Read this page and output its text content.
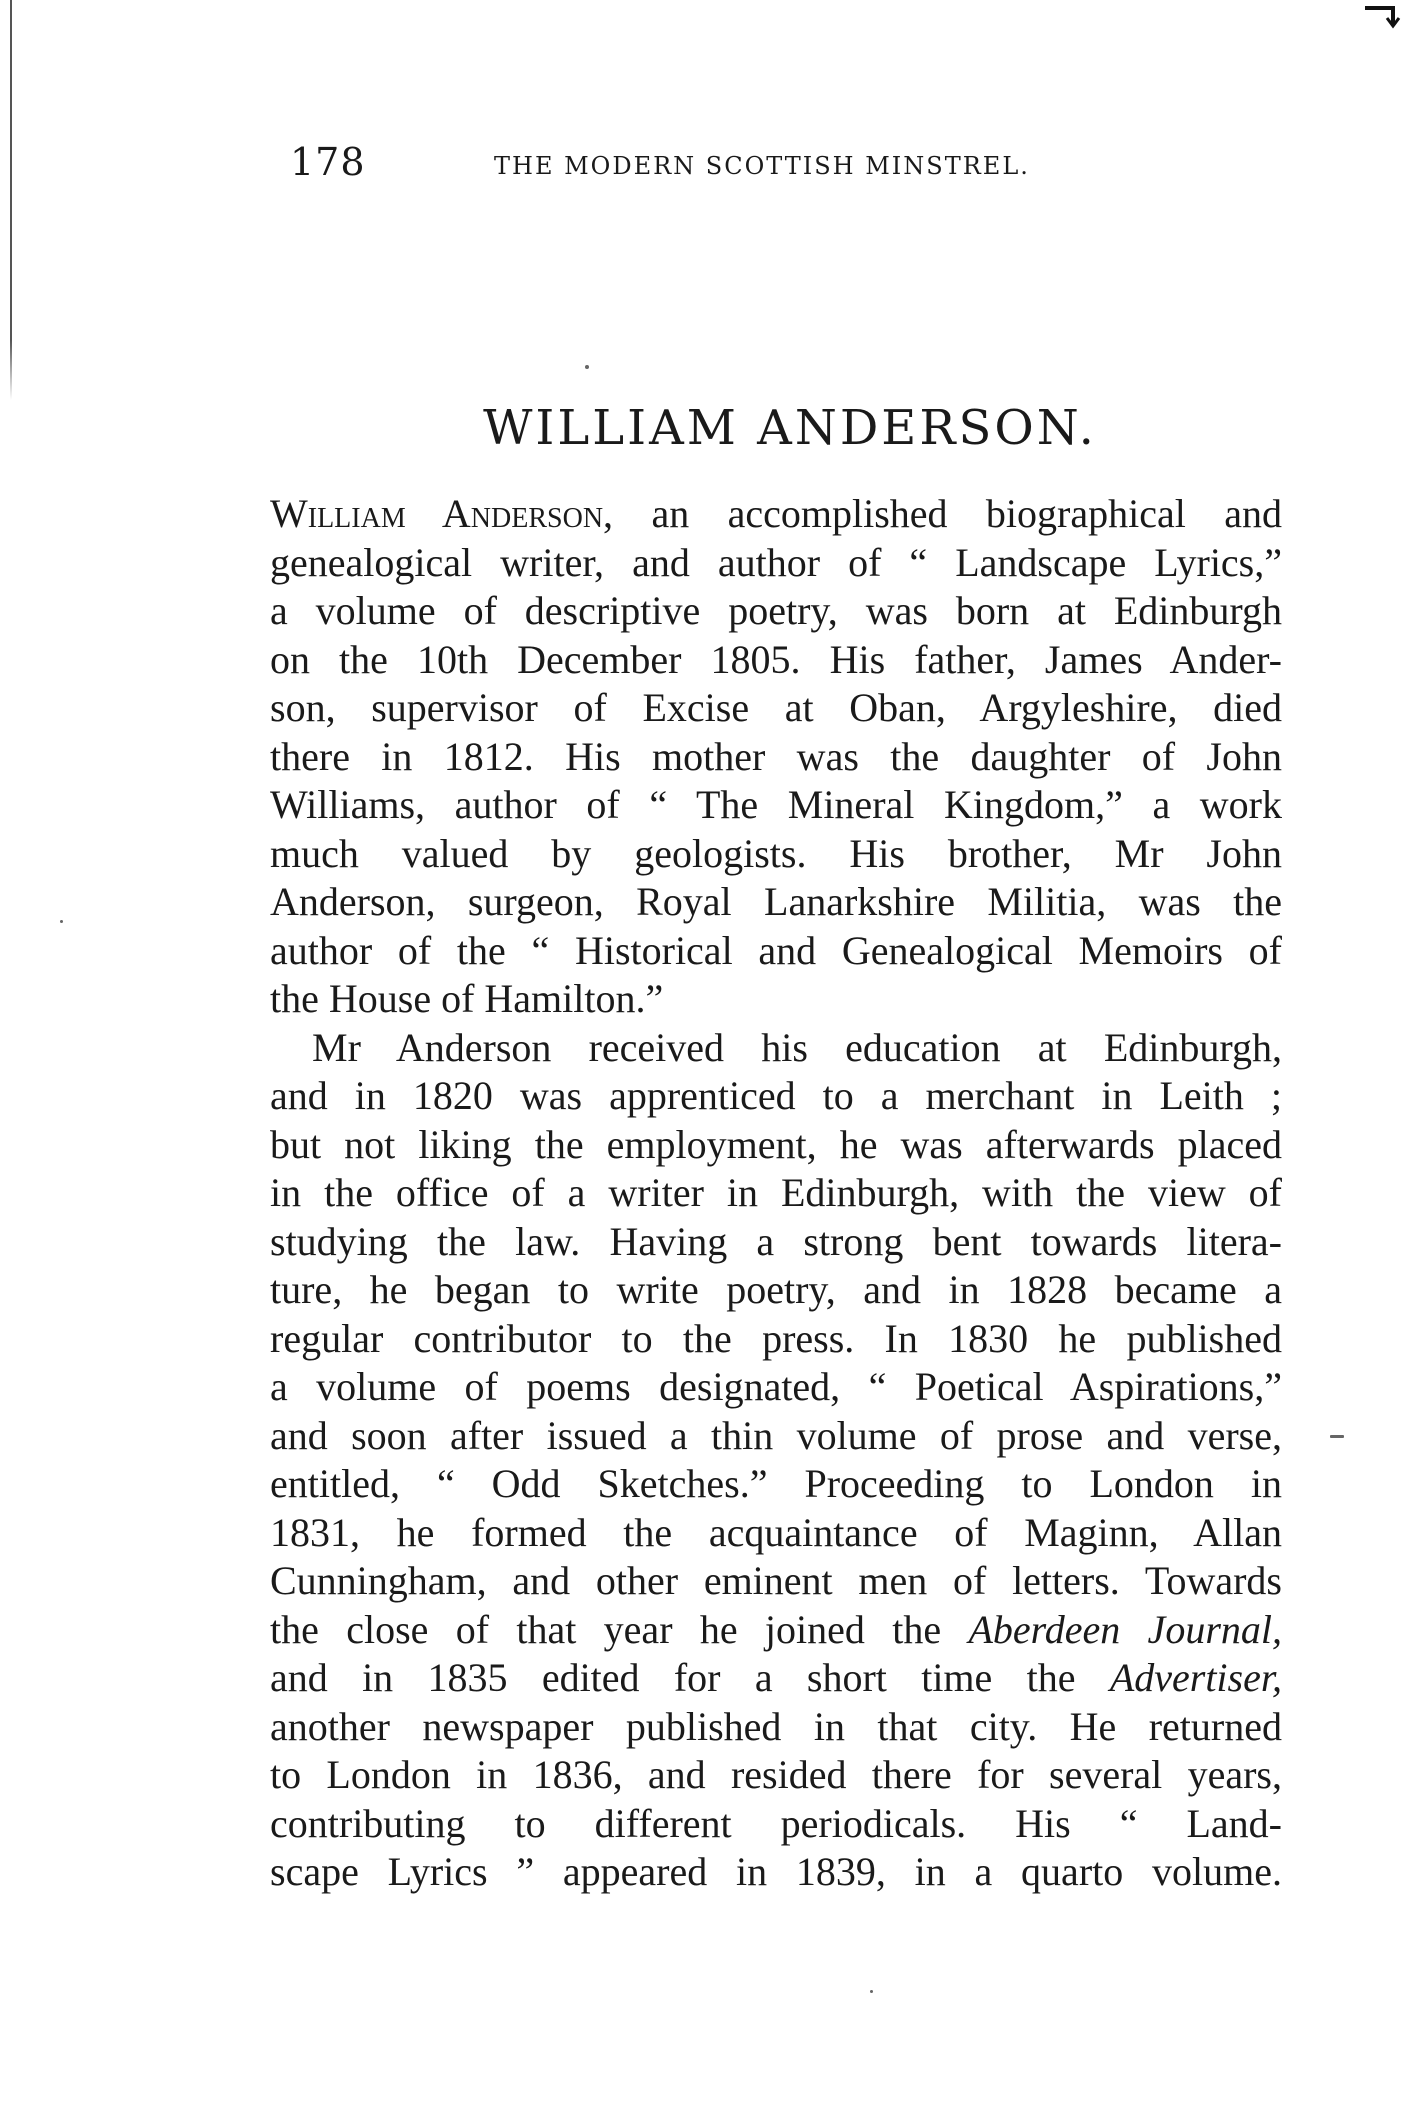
178	THE MODERN SCOTTISH MINSTREL.
WILLIAM ANDERSON.

William Anderson, an accomplished biographical and

genealogical writer, and author of “ Landscape Lyrics,”

a volume of descriptive poetry, was born at Edinburgh

on the 10th December 1805. His father, James Ander-

son, supervisor of Excise at Oban, Argyleshire, died

there in 1812. His mother was the daughter of John

Williams, author of “ The Mineral Kingdom,” a work

much valued by geologists. His brother, Mr John

Anderson, surgeon, Royal Lanarkshire Militia, was the

author of the “ Historical and Genealogical Memoirs of

the House of Hamilton.”

Mr Anderson received his education at Edinburgh,

and in 1820 was apprenticed to a merchant in Leith ;

but not liking the employment, he was afterwards placed

in the office of a writer in Edinburgh, with the view of

studying the law. Having a strong bent towards litera-

ture, he began to write poetry, and in 1828 became a

regular contributor to the press. In 1830 he published

a volume of poems designated, “ Poetical Aspirations,”

and soon after issued a thin volume of prose and verse,

entitled, “ Odd Sketches.” Proceeding to London in

1831, he formed the acquaintance of Maginn, Allan

Cunningham, and other eminent men of letters. Towards

the close of that year he joined the Aberdeen Journal,

and in 1835 edited for a short time the Advertiser,

another newspaper published in that city. He returned

to London in 1836, and resided there for several years,

contributing to different periodicals. His “ Land-

scape Lyrics ” appeared in 1839, in a quarto volume.
